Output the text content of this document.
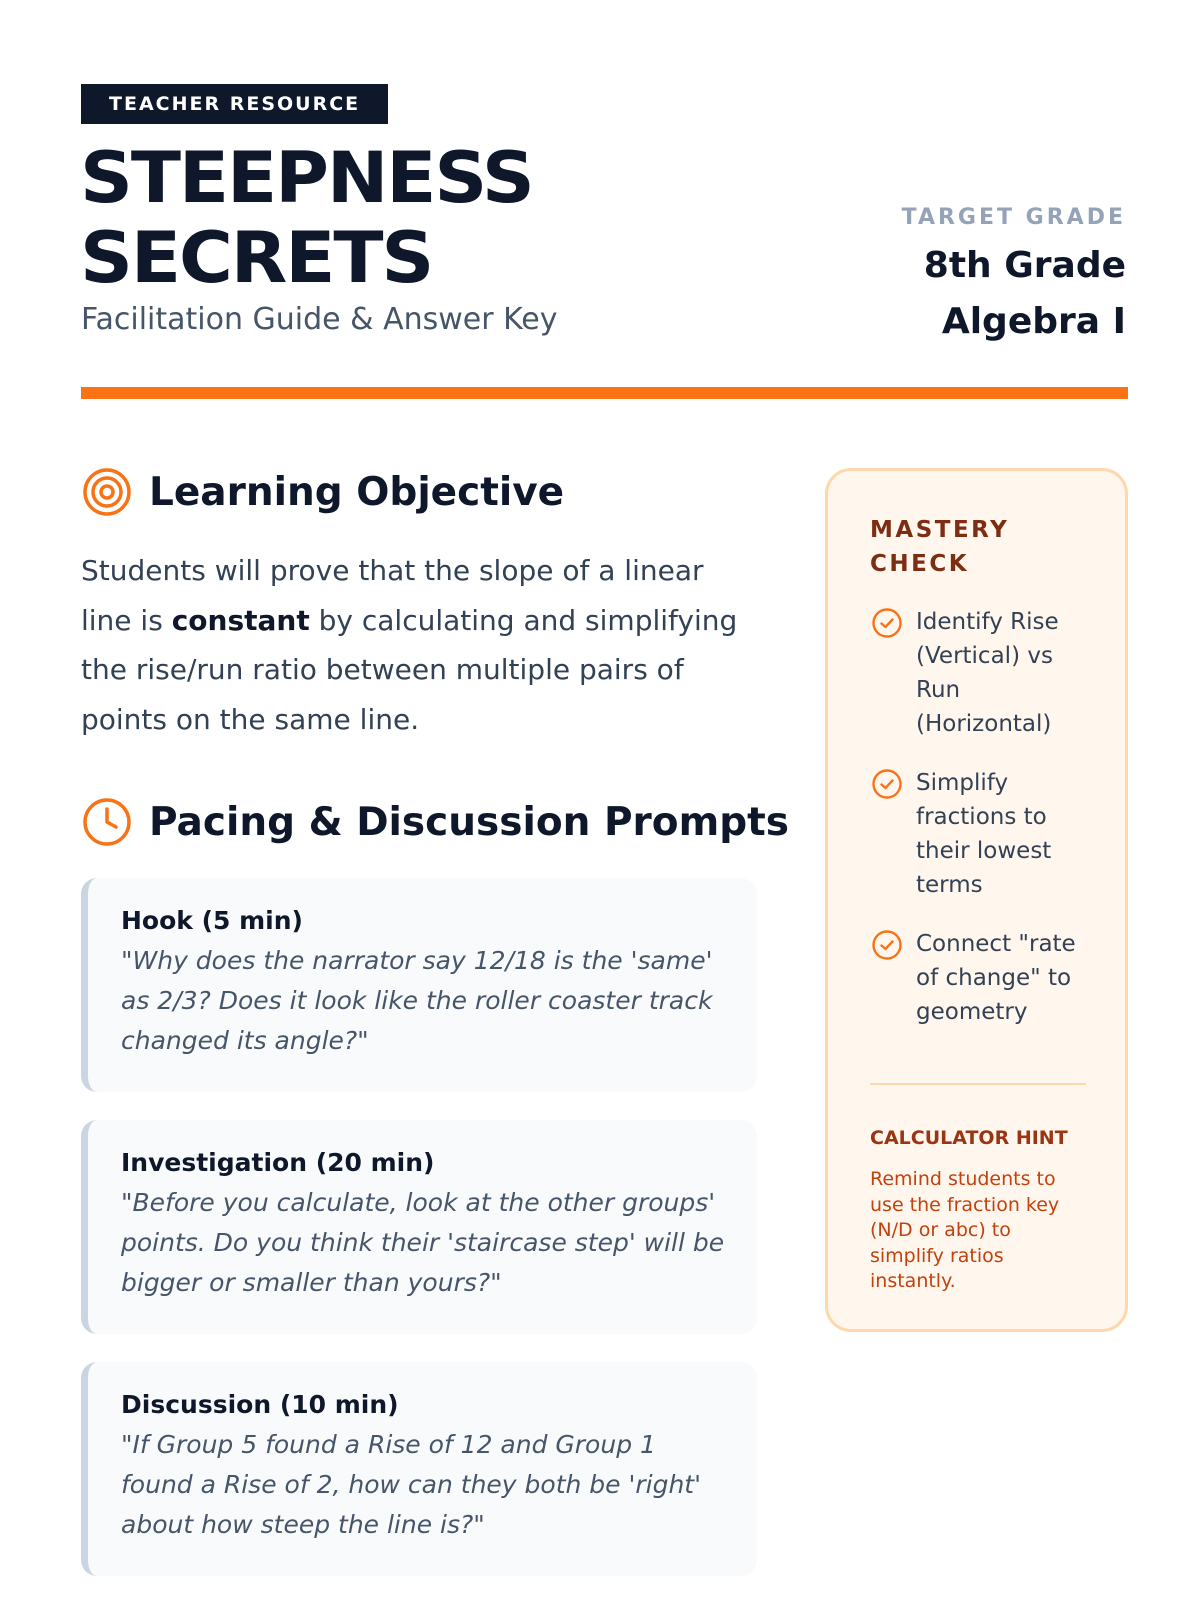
TEACHER RESOURCE
STEEPNESS
SECRETS
Facilitation Guide & Answer Key
TARGET GRADE
8th Grade
Algebra I
Learning Objective
Students will prove that the slope of a linear line is constant by calculating and simplifying the rise/run ratio between multiple pairs of points on the same line.
Pacing & Discussion Prompts
Hook (5 min)
"Why does the narrator say 12/18 is the 'same' as 2/3? Does it look like the roller coaster track changed its angle?"
Investigation (20 min)
"Before you calculate, look at the other groups' points. Do you think their 'staircase step' will be bigger or smaller than yours?"
Discussion (10 min)
"If Group 5 found a Rise of 12 and Group 1 found a Rise of 2, how can they both be 'right' about how steep the line is?"
MASTERY CHECK
Identify Rise (Vertical) vs Run (Horizontal)
Simplify fractions to their lowest terms
Connect "rate of change" to geometry
CALCULATOR HINT
Remind students to use the fraction key (N/D or abc) to simplify ratios instantly.
